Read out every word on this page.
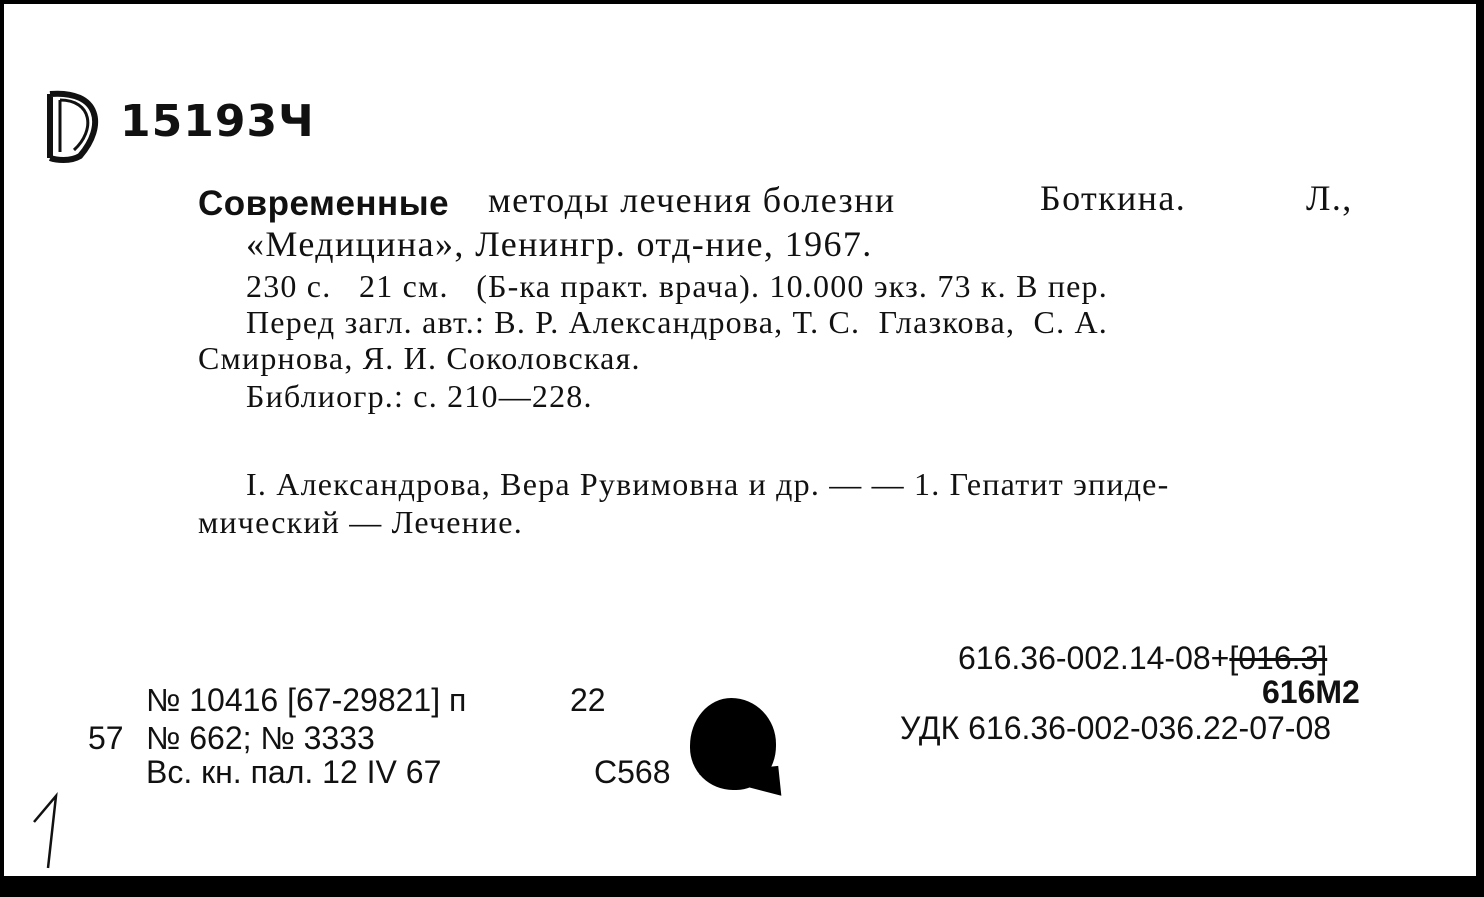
15193Ч
Современные методы лечения болезни	Боткина.	Л.,
«Медицина», Ленингр. отд-ние, 1967.
230 с.   21 см.   (Б-ка практ. врача). 10.000 экз. 73 к. В пер.
Перед загл. авт.: В. Р. Александрова, Т. С.  Глазкова,  С. А.
Смирнова, Я. И. Соколовская.
Библиогр.: с. 210—228.
I. Александрова, Вера Рувимовна и др. — — 1. Гепатит эпиде-
мический — Лечение.
616.36-002.14-08+[016.3]
616М2
УДК 616.36-002-036.22-07-08
№ 10416 [67-29821] п	22
57 № 662; № 3333
Вс. кн. пал. 12 IV 67	С568
